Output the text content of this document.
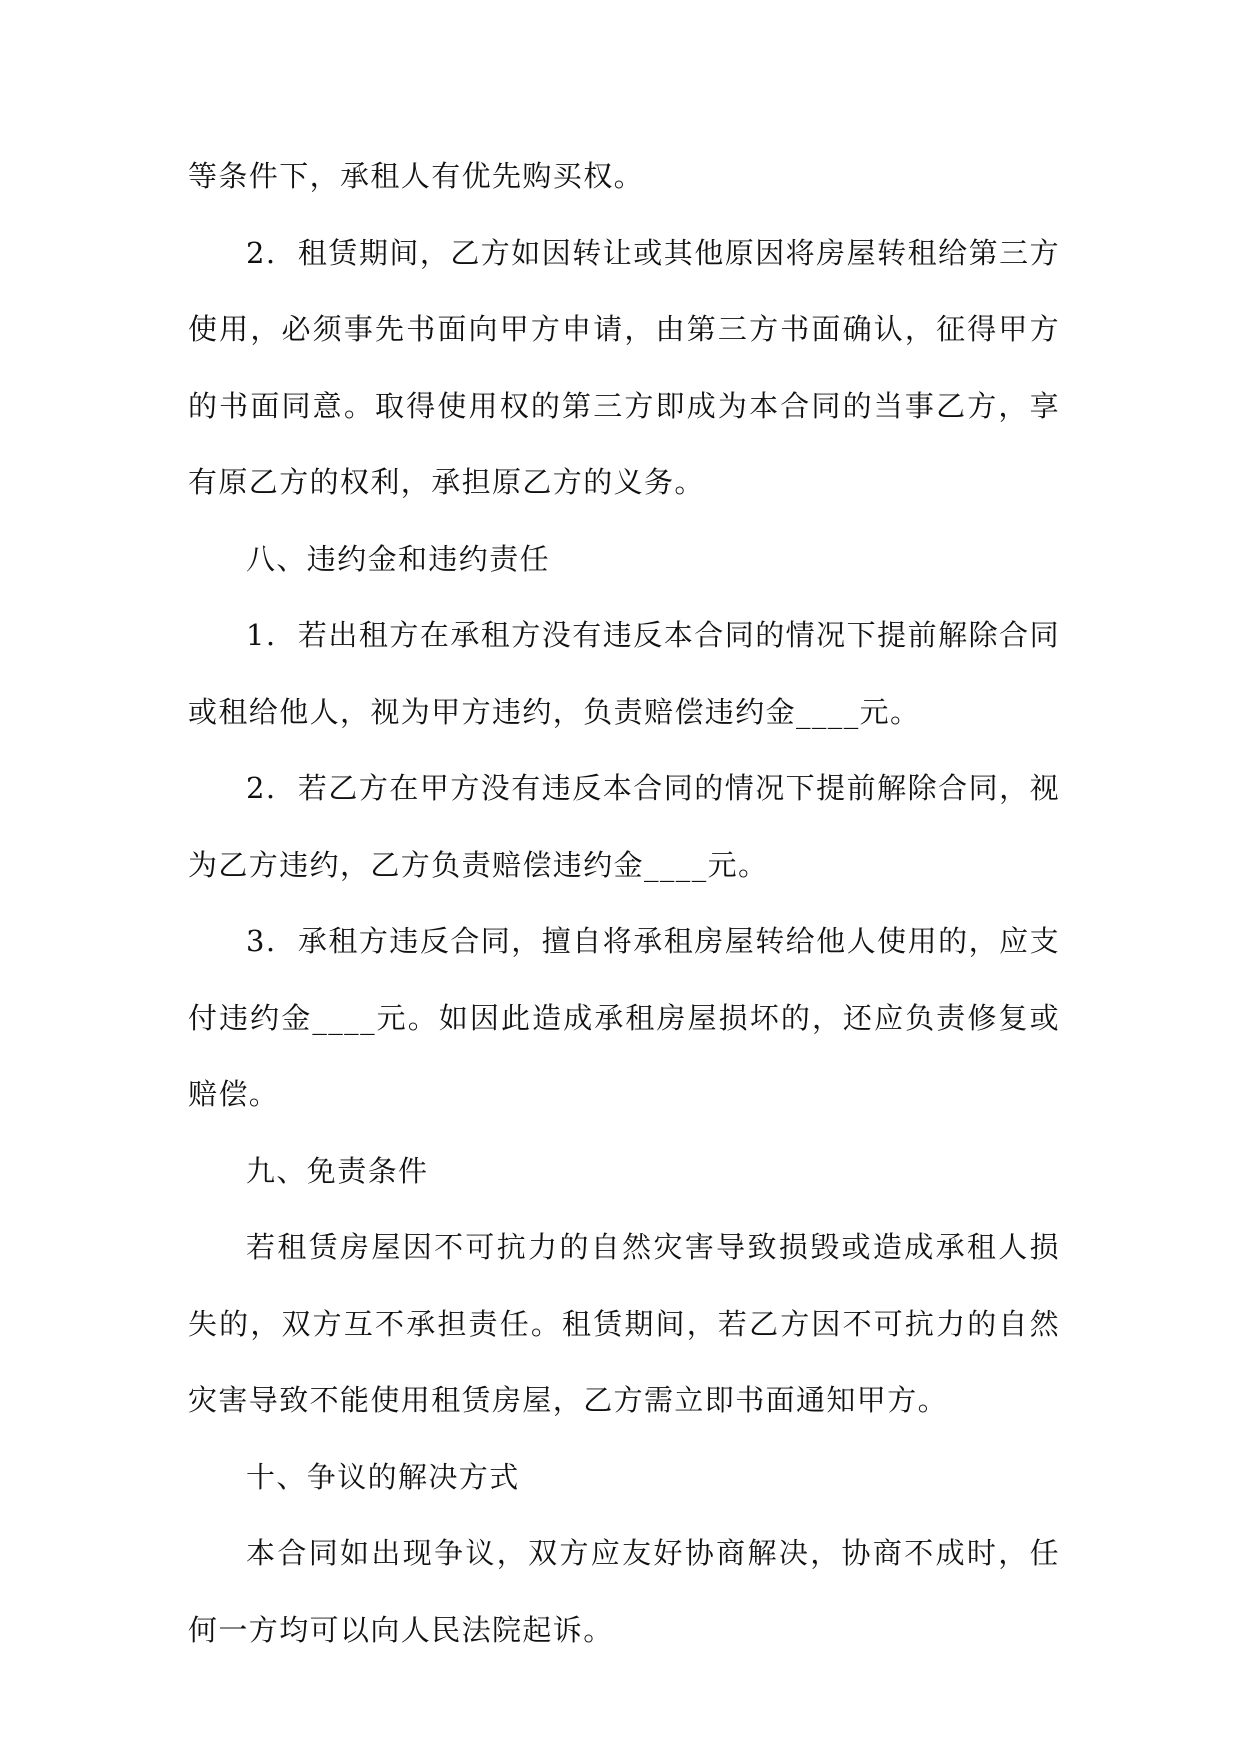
等条件下，承租人有优先购买权。

2.  租赁期间，乙方如因转让或其他原因将房屋转租给第三方使用，必须事先书面向甲方申请，由第三方书面确认，征得甲方的书面同意。取得使用权的第三方即成为本合同的当事乙方，享有原乙方的权利，承担原乙方的义务。

八、违约金和违约责任

1.  若出租方在承租方没有违反本合同的情况下提前解除合同或租给他人，视为甲方违约，负责赔偿违约金____元。

2.  若乙方在甲方没有违反本合同的情况下提前解除合同，视为乙方违约，乙方负责赔偿违约金____元。

3.  承租方违反合同，擅自将承租房屋转给他人使用的，应支付违约金____元。如因此造成承租房屋损坏的，还应负责修复或赔偿。

九、免责条件

若租赁房屋因不可抗力的自然灾害导致损毁或造成承租人损失的，双方互不承担责任。租赁期间，若乙方因不可抗力的自然灾害导致不能使用租赁房屋，乙方需立即书面通知甲方。

十、争议的解决方式

本合同如出现争议，双方应友好协商解决，协商不成时，任何一方均可以向人民法院起诉。
